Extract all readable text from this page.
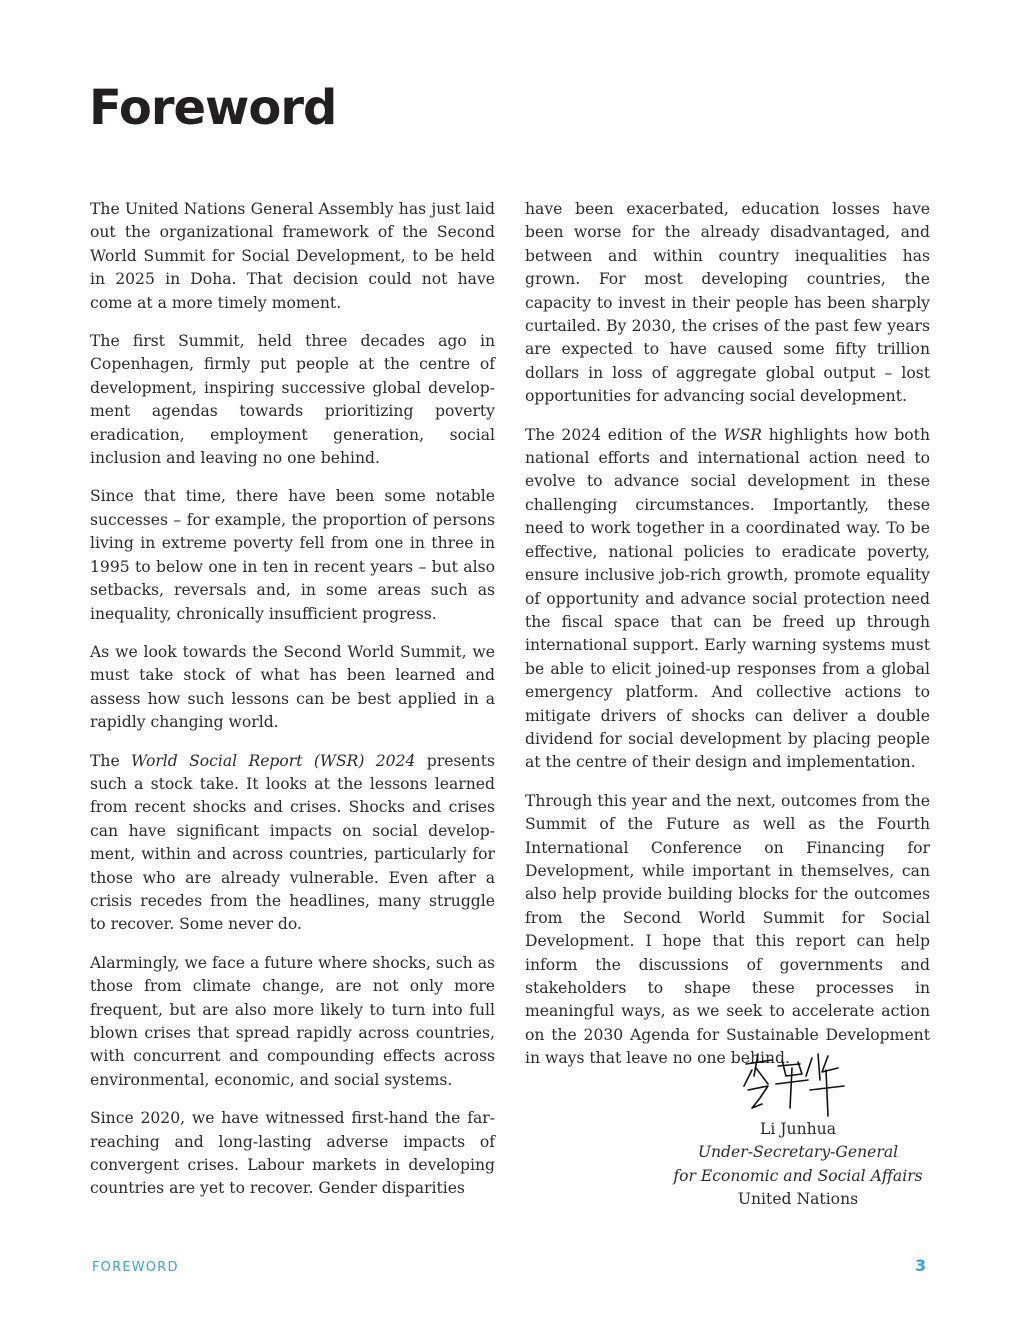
Foreword

The United Nations General Assembly has just laid out the organizational framework of the Second World Summit for Social Development, to be held in 2025 in Doha. That decision could not have come at a more timely moment.

The first Summit, held three decades ago in Copenhagen, firmly put people at the centre of development, inspiring successive global development agendas towards prioritizing poverty eradication, employment generation, social inclusion and leaving no one behind.

Since that time, there have been some notable successes – for example, the proportion of persons living in extreme poverty fell from one in three in 1995 to below one in ten in recent years – but also setbacks, reversals and, in some areas such as inequality, chronically insufficient progress.

As we look towards the Second World Summit, we must take stock of what has been learned and assess how such lessons can be best applied in a rapidly changing world.

The World Social Report (WSR) 2024 presents such a stock take. It looks at the lessons learned from recent shocks and crises. Shocks and crises can have significant impacts on social development, within and across countries, particularly for those who are already vulnerable. Even after a crisis recedes from the headlines, many struggle to recover. Some never do.

Alarmingly, we face a future where shocks, such as those from climate change, are not only more frequent, but are also more likely to turn into full blown crises that spread rapidly across countries, with concurrent and compounding effects across environmental, economic, and social systems.

Since 2020, we have witnessed first-hand the far-reaching and long-lasting adverse impacts of convergent crises. Labour markets in developing countries are yet to recover. Gender disparities

have been exacerbated, education losses have been worse for the already disadvantaged, and between and within country inequalities has grown. For most developing countries, the capacity to invest in their people has been sharply curtailed. By 2030, the crises of the past few years are expected to have caused some fifty trillion dollars in loss of aggregate global output – lost opportunities for advancing social development.

The 2024 edition of the WSR highlights how both national efforts and international action need to evolve to advance social development in these challenging circumstances. Importantly, these need to work together in a coordinated way. To be effective, national policies to eradicate poverty, ensure inclusive job-rich growth, promote equality of opportunity and advance social protection need the fiscal space that can be freed up through international support. Early warning systems must be able to elicit joined-up responses from a global emergency platform. And collective actions to mitigate drivers of shocks can deliver a double dividend for social development by placing people at the centre of their design and implementation.

Through this year and the next, outcomes from the Summit of the Future as well as the Fourth International Conference on Financing for Development, while important in themselves, can also help provide building blocks for the outcomes from the Second World Summit for Social Development. I hope that this report can help inform the discussions of governments and stakeholders to shape these processes in meaningful ways, as we seek to accelerate action on the 2030 Agenda for Sustainable Development in ways that leave no one behind.

Li Junhua
Under-Secretary-General
for Economic and Social Affairs
United Nations
FOREWORD	3
